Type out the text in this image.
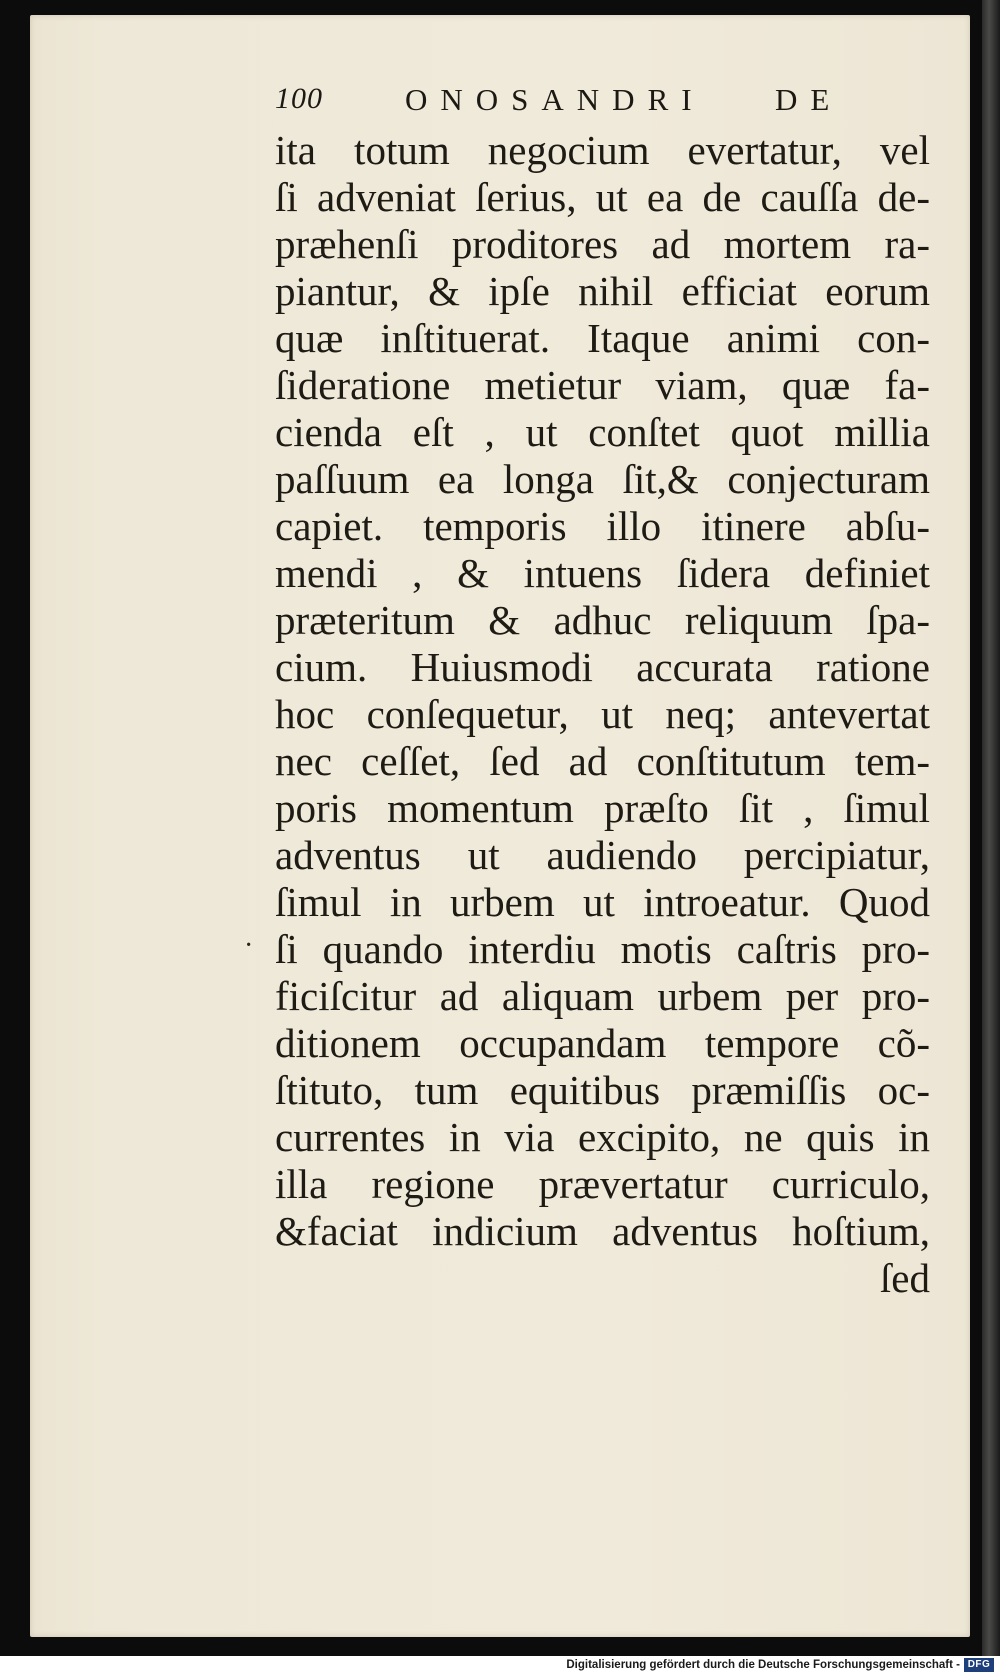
100	ONOSANDRI DE
ita totum negocium evertatur, vel
ſi adveniat ſerius, ut ea de cauſſa de-
præhenſi proditores ad mortem ra-
piantur, & ipſe nihil efficiat eorum
quæ inſtituerat. Itaque animi con-
ſideratione metietur viam, quæ fa-
cienda eſt , ut conſtet quot millia
paſſuum ea longa ſit,& conjecturam
capiet. temporis illo itinere abſu-
mendi , & intuens ſidera definiet
præteritum & adhuc reliquum ſpa-
cium. Huiusmodi accurata ratione
hoc conſequetur, ut neq; antevertat
nec ceſſet, ſed ad conſtitutum tem-
poris momentum præſto ſit , ſimul
adventus ut audiendo percipiatur,
ſimul in urbem ut introeatur. Quod
ſi quando interdiu motis caſtris pro-
ficiſcitur ad aliquam urbem per pro-
ditionem occupandam tempore cõ-
ſtituto, tum equitibus præmiſſis oc-
currentes in via excipito, ne quis in
illa regione prævertatur curriculo,
&faciat indicium adventus hoſtium,
ſed
·
Digitalisierung gefördert durch die Deutsche Forschungsgemeinschaft - DFG
